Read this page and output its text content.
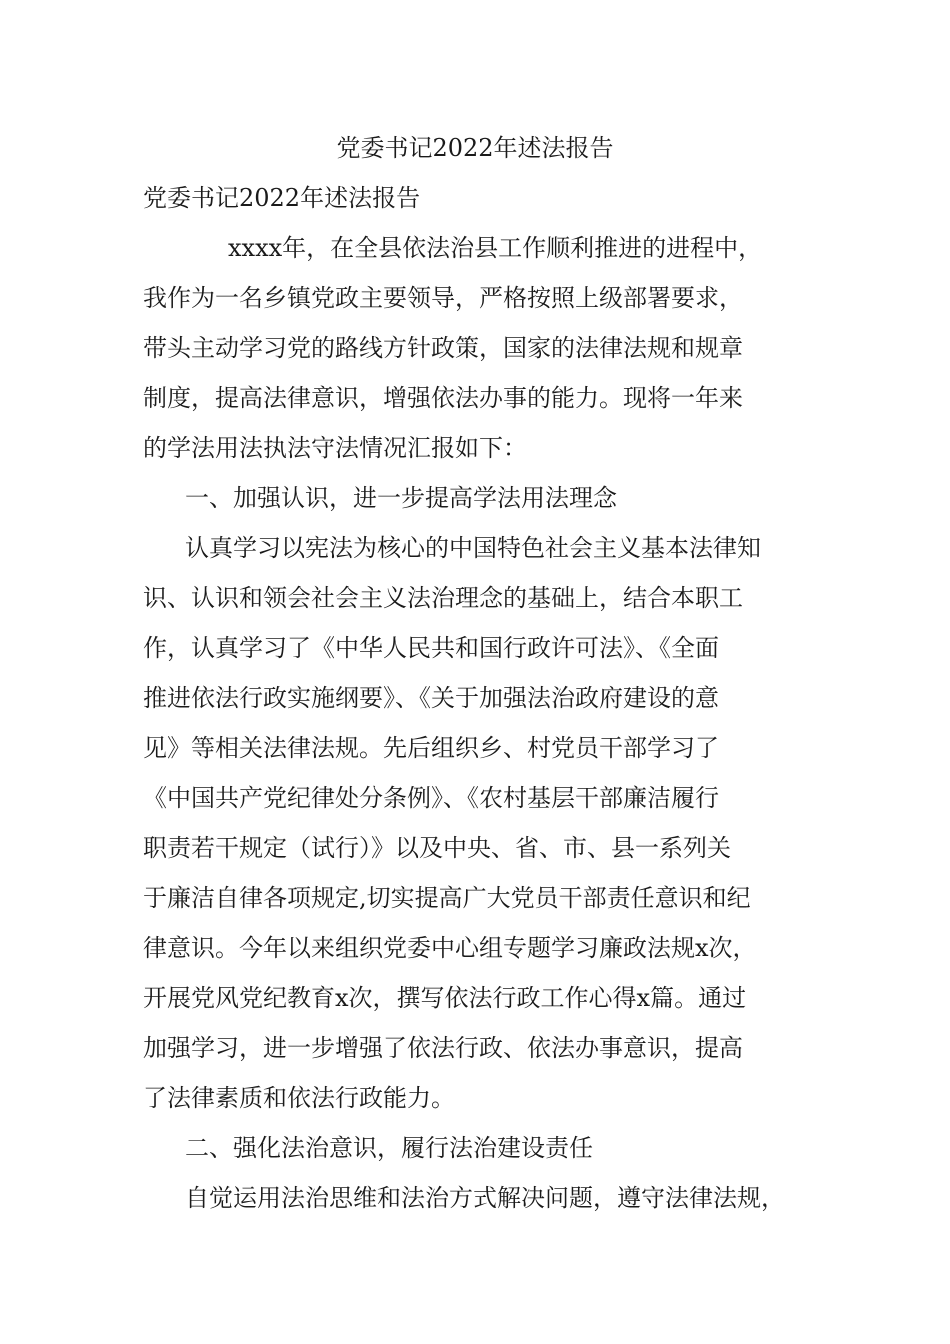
党委书记2022年述法报告
党委书记2022年述法报告

xxxx年，在全县依法治县工作顺利推进的进程中，

我作为一名乡镇党政主要领导，严格按照上级部署要求，

带头主动学习党的路线方针政策，国家的法律法规和规章

制度，提高法律意识，增强依法办事的能力。现将一年来

的学法用法执法守法情况汇报如下：

一、加强认识，进一步提高学法用法理念

认真学习以宪法为核心的中国特色社会主义基本法律知

识、认识和领会社会主义法治理念的基础上，结合本职工

作，认真学习了《中华人民共和国行政许可法》、《全面

推进依法行政实施纲要》、《关于加强法治政府建设的意

见》等相关法律法规。先后组织乡、村党员干部学习了

《中国共产党纪律处分条例》、《农村基层干部廉洁履行

职责若干规定（试行）》以及中央、省、市、县一系列关

于廉洁自律各项规定,切实提高广大党员干部责任意识和纪

律意识。今年以来组织党委中心组专题学习廉政法规x次，

开展党风党纪教育x次，撰写依法行政工作心得x篇。通过

加强学习，进一步增强了依法行政、依法办事意识，提高

了法律素质和依法行政能力。

二、强化法治意识，履行法治建设责任

自觉运用法治思维和法治方式解决问题，遵守法律法规，
